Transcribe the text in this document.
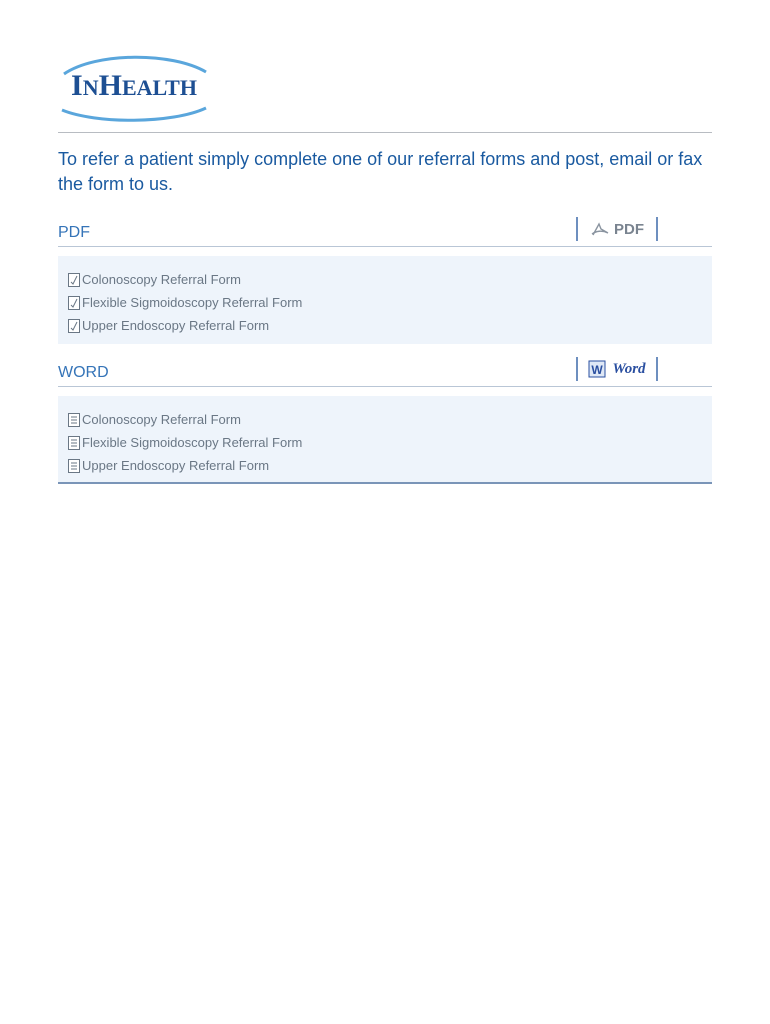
INHEALTH

To refer a patient simply complete one of our referral forms and post, email or fax the form to us.

PDF	PDF
Colonoscopy Referral Form
Flexible Sigmoidoscopy Referral Form
Upper Endoscopy Referral Form
WORD	W Word
Colonoscopy Referral Form
Flexible Sigmoidoscopy Referral Form
Upper Endoscopy Referral Form
